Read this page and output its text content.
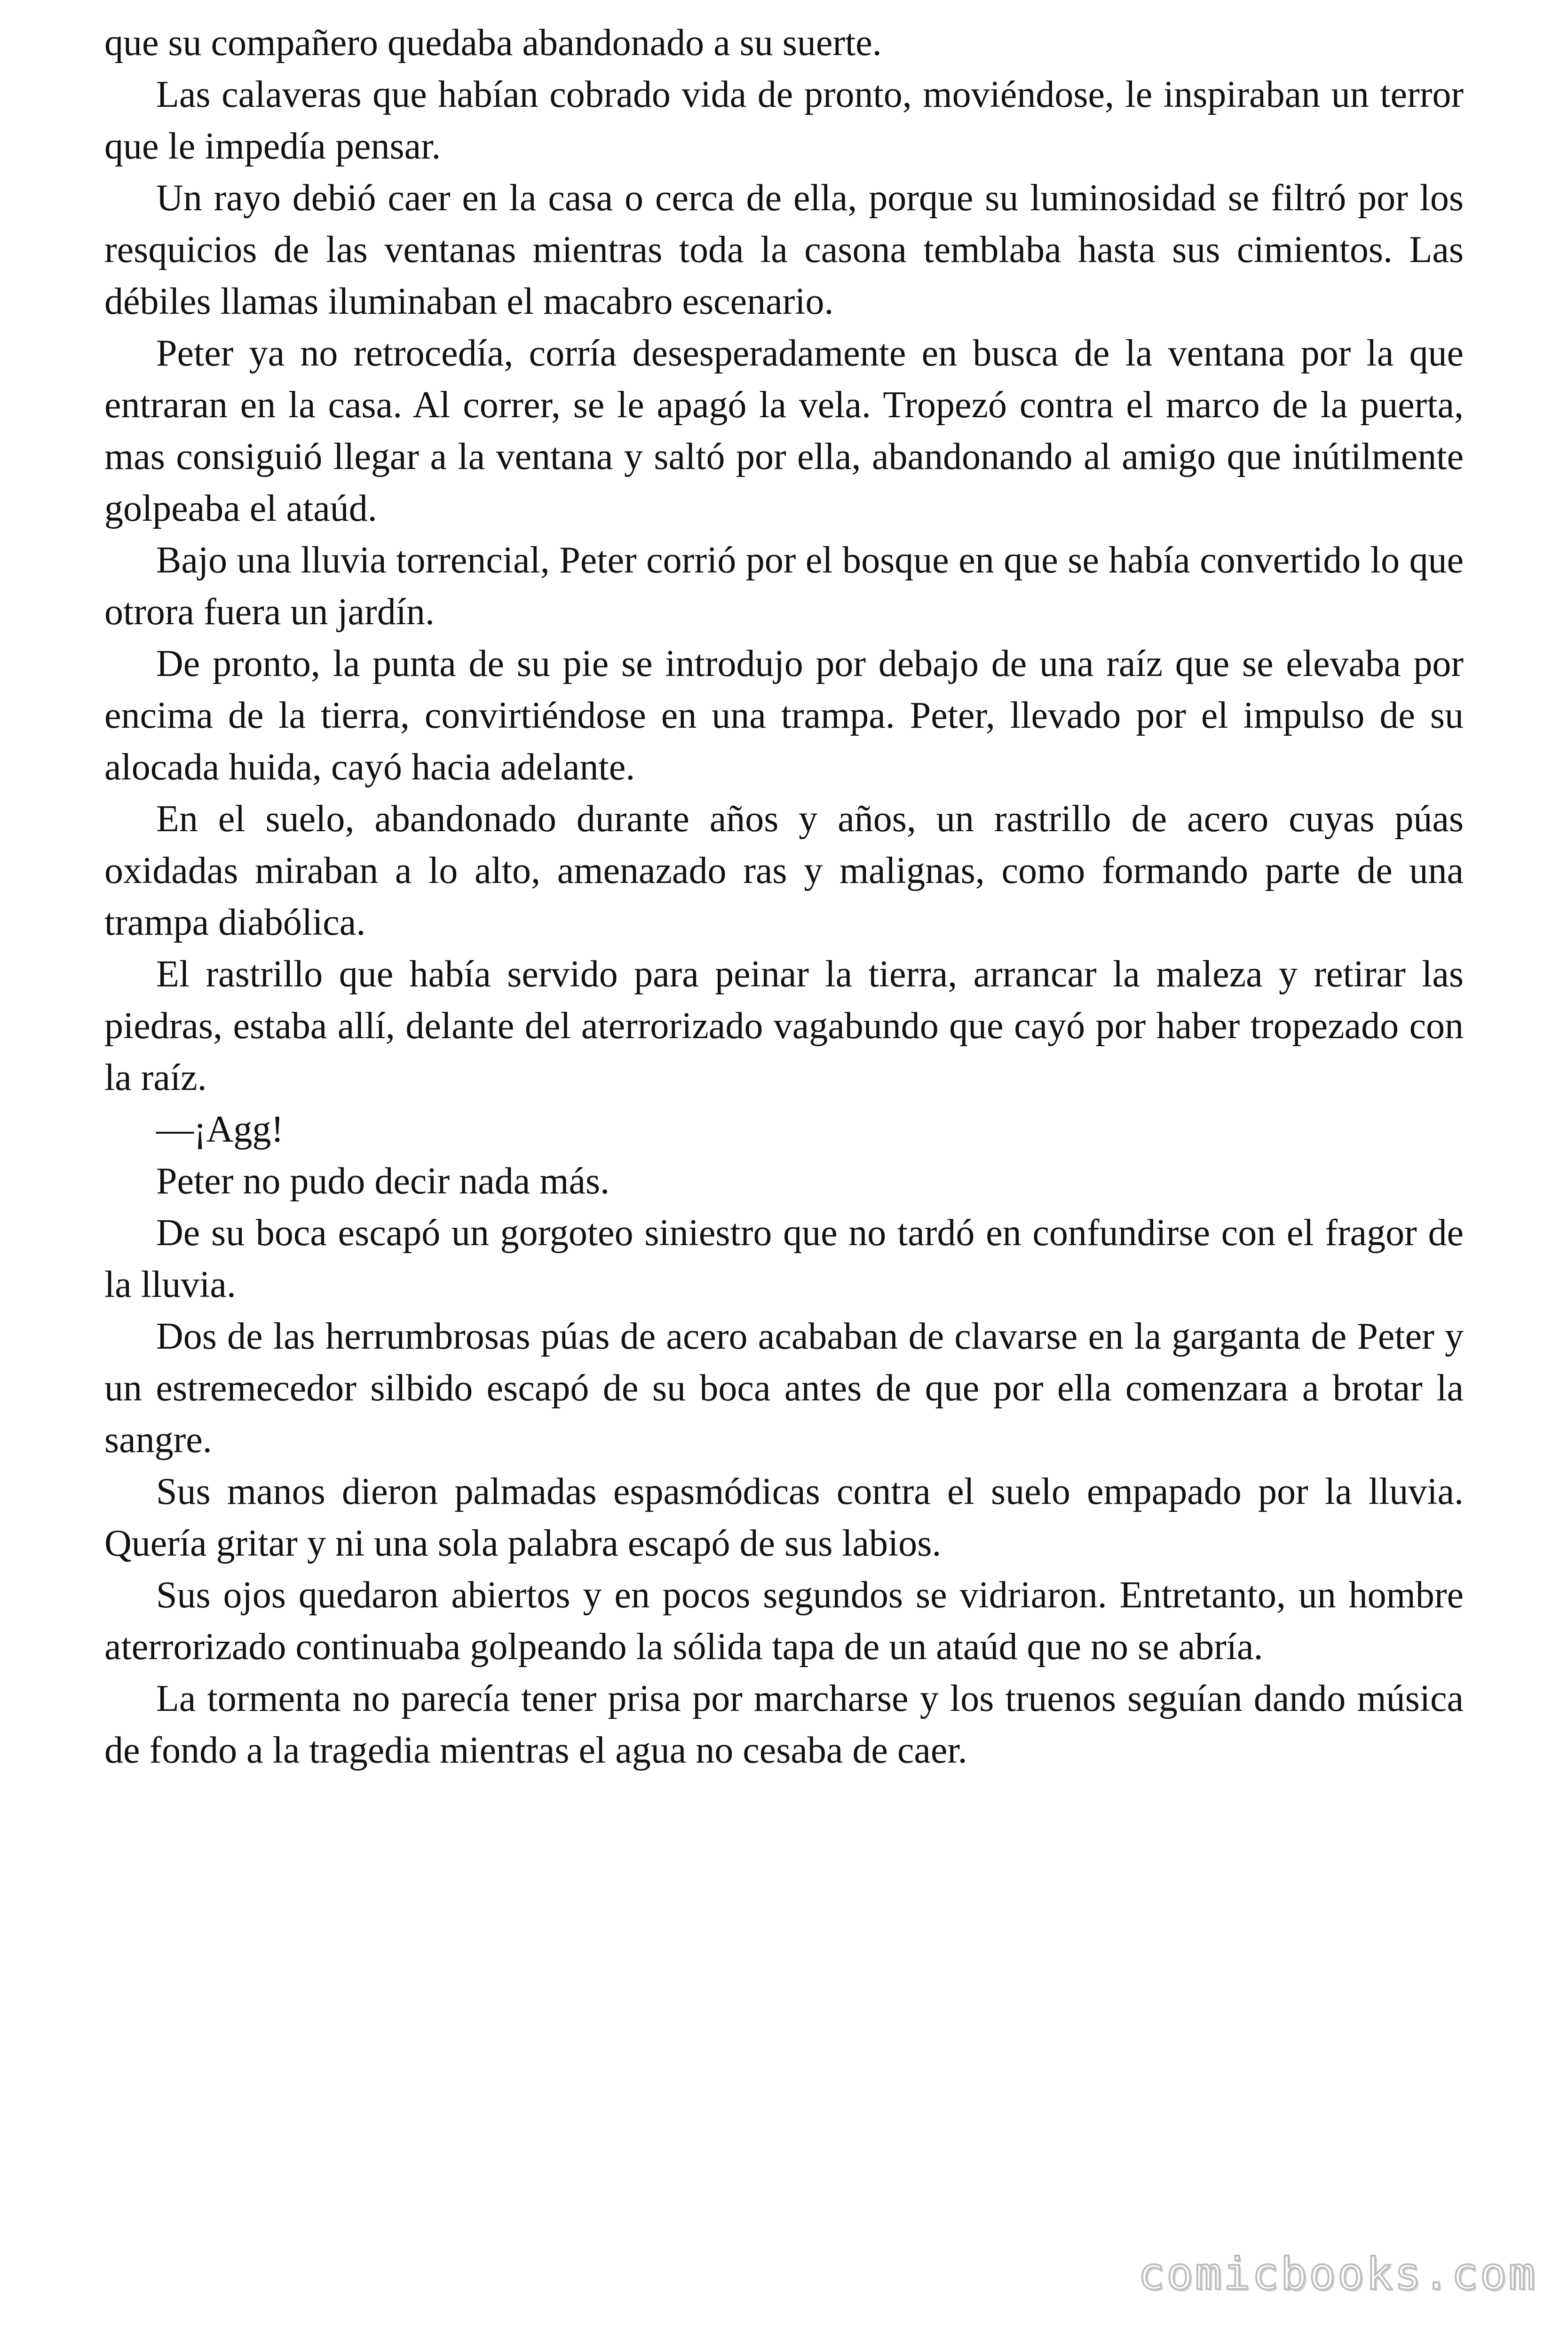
que su compañero quedaba abandonado a su suerte.

Las calaveras que habían cobrado vida de pronto, moviéndose, le inspiraban un terror que le impedía pensar.

Un rayo debió caer en la casa o cerca de ella, porque su luminosidad se filtró por los resquicios de las ventanas mientras toda la casona temblaba hasta sus cimientos. Las débiles llamas iluminaban el macabro escenario.

Peter ya no retrocedía, corría desesperadamente en busca de la ventana por la que entraran en la casa. Al correr, se le apagó la vela. Tropezó contra el marco de la puerta, mas consiguió llegar a la ventana y saltó por ella, abandonando al amigo que inútilmente golpeaba el ataúd.

Bajo una lluvia torrencial, Peter corrió por el bosque en que se había convertido lo que otrora fuera un jardín.

De pronto, la punta de su pie se introdujo por debajo de una raíz que se elevaba por encima de la tierra, convirtiéndose en una trampa. Peter, llevado por el impulso de su alocada huida, cayó hacia adelante.

En el suelo, abandonado durante años y años, un rastrillo de acero cuyas púas oxidadas miraban a lo alto, amenazado ras y malignas, como formando parte de una trampa diabólica.

El rastrillo que había servido para peinar la tierra, arrancar la maleza y retirar las piedras, estaba allí, delante del aterrorizado vagabundo que cayó por haber tropezado con la raíz.

—¡Agg!

Peter no pudo decir nada más.

De su boca escapó un gorgoteo siniestro que no tardó en confundirse con el fragor de la lluvia.

Dos de las herrumbrosas púas de acero acababan de clavarse en la garganta de Peter y un estremecedor silbido escapó de su boca antes de que por ella comenzara a brotar la sangre.

Sus manos dieron palmadas espasmódicas contra el suelo empapado por la lluvia. Quería gritar y ni una sola palabra escapó de sus labios.

Sus ojos quedaron abiertos y en pocos segundos se vidriaron. Entretanto, un hombre aterrorizado continuaba golpeando la sólida tapa de un ataúd que no se abría.

La tormenta no parecía tener prisa por marcharse y los truenos seguían dando música de fondo a la tragedia mientras el agua no cesaba de caer.

comicbooks.com
